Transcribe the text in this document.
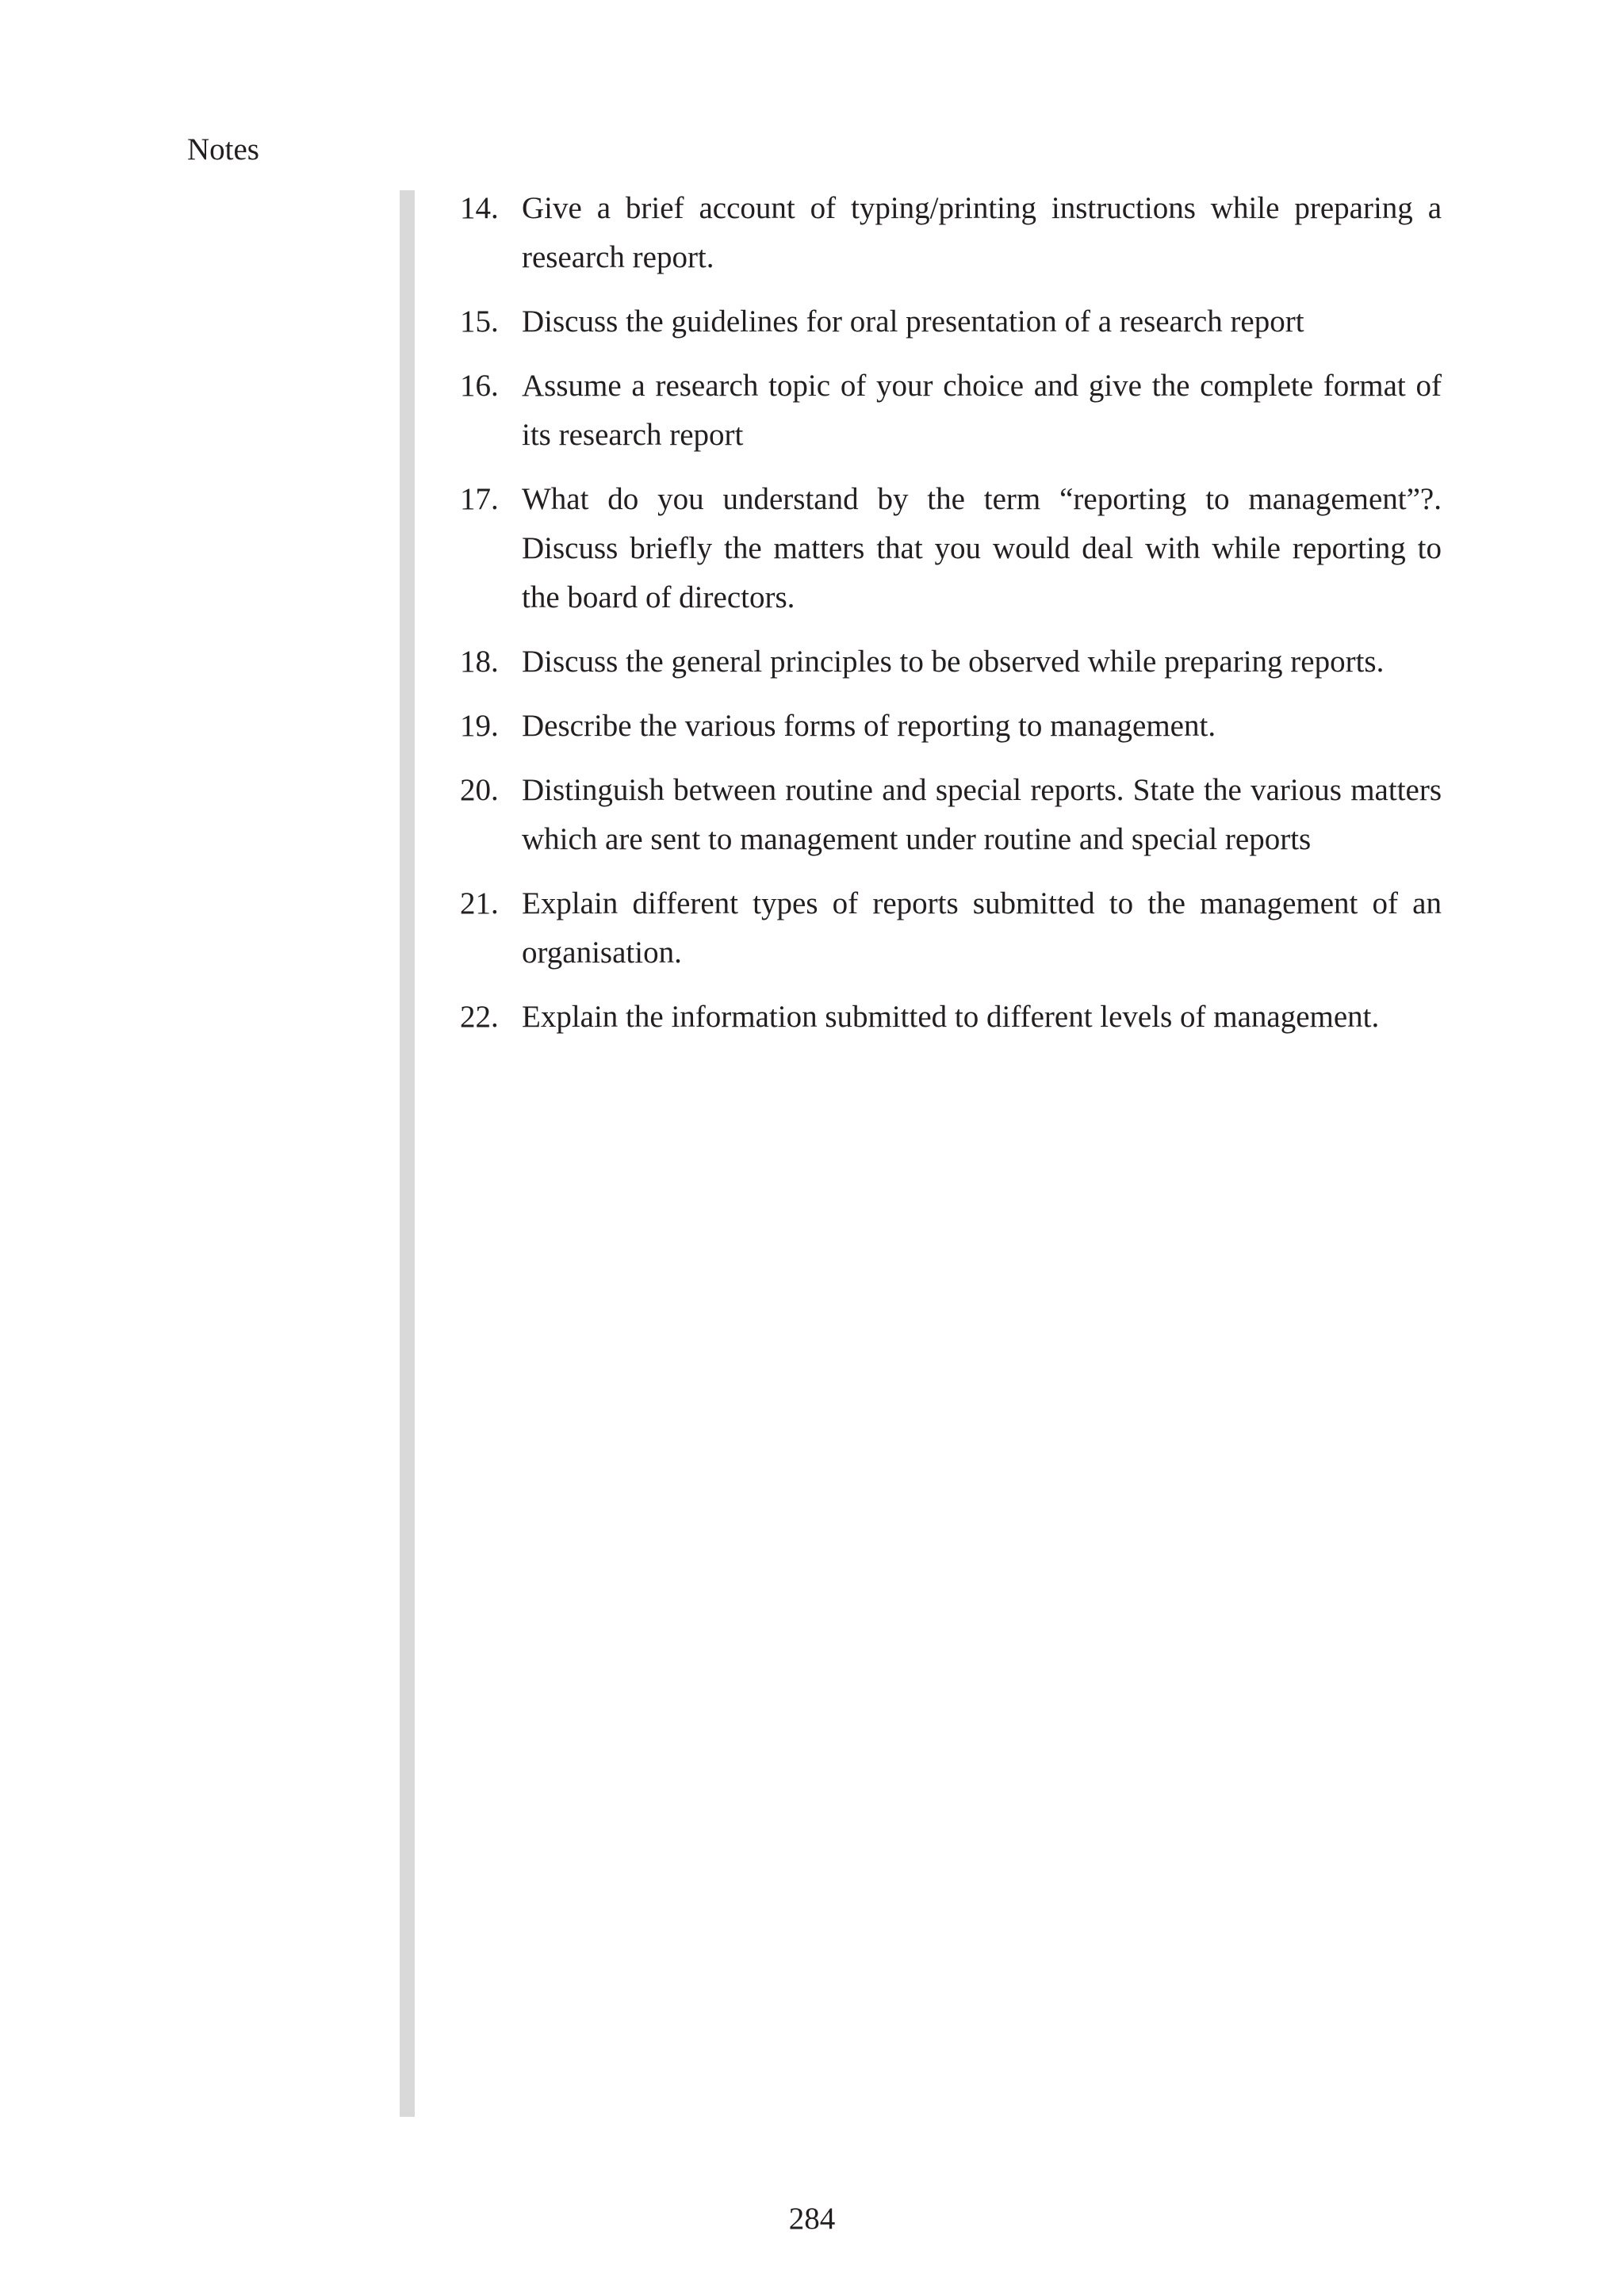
Notes
14. Give a brief account of typing/printing instructions while preparing a research report.
15. Discuss the guidelines for oral presentation of a research report
16. Assume a research topic of your choice and give the complete format of its research report
17. What do you understand by the term “reporting to management”?. Discuss briefly the matters that you would deal with while reporting to the board of directors.
18. Discuss the general principles to be observed while preparing reports.
19. Describe the various forms of reporting to management.
20. Distinguish between routine and special reports. State the various matters which are sent to management under routine and special reports
21. Explain different types of reports submitted to the management of an organisation.
22. Explain the information submitted to different levels of management.
284
